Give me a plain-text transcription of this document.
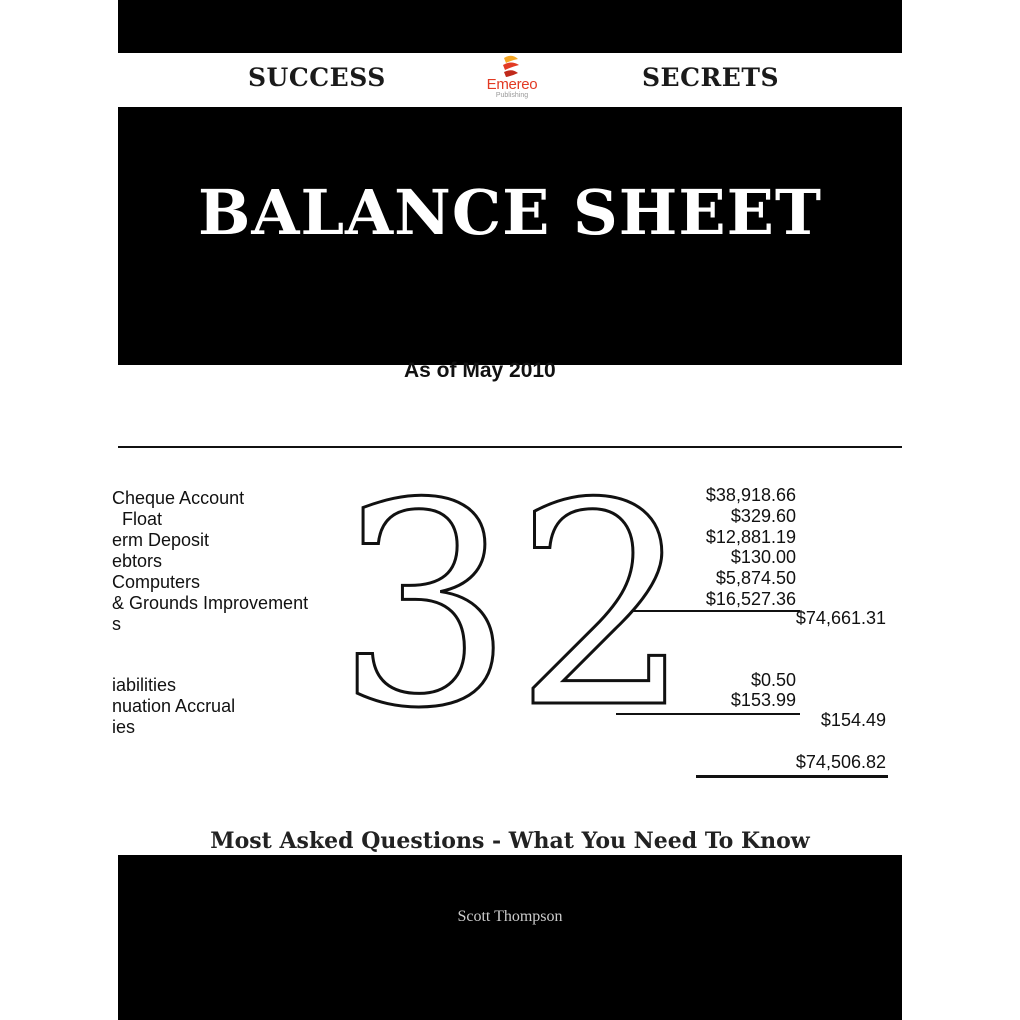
SUCCESS	Emereo
Publishing
SECRETS
BALANCE SHEET
As of May 2010
Cheque Account
Float
erm Deposit
ebtors
Computers
& Grounds Improvement
s
$38,918.66
$329.60
$12,881.19
$130.00
$5,874.50
$16,527.36
$74,661.31
iabilities
nuation Accrual
ies
$0.50
$153.99
$154.49
$74,506.82
32
Most Asked Questions - What You Need To Know
Scott Thompson
